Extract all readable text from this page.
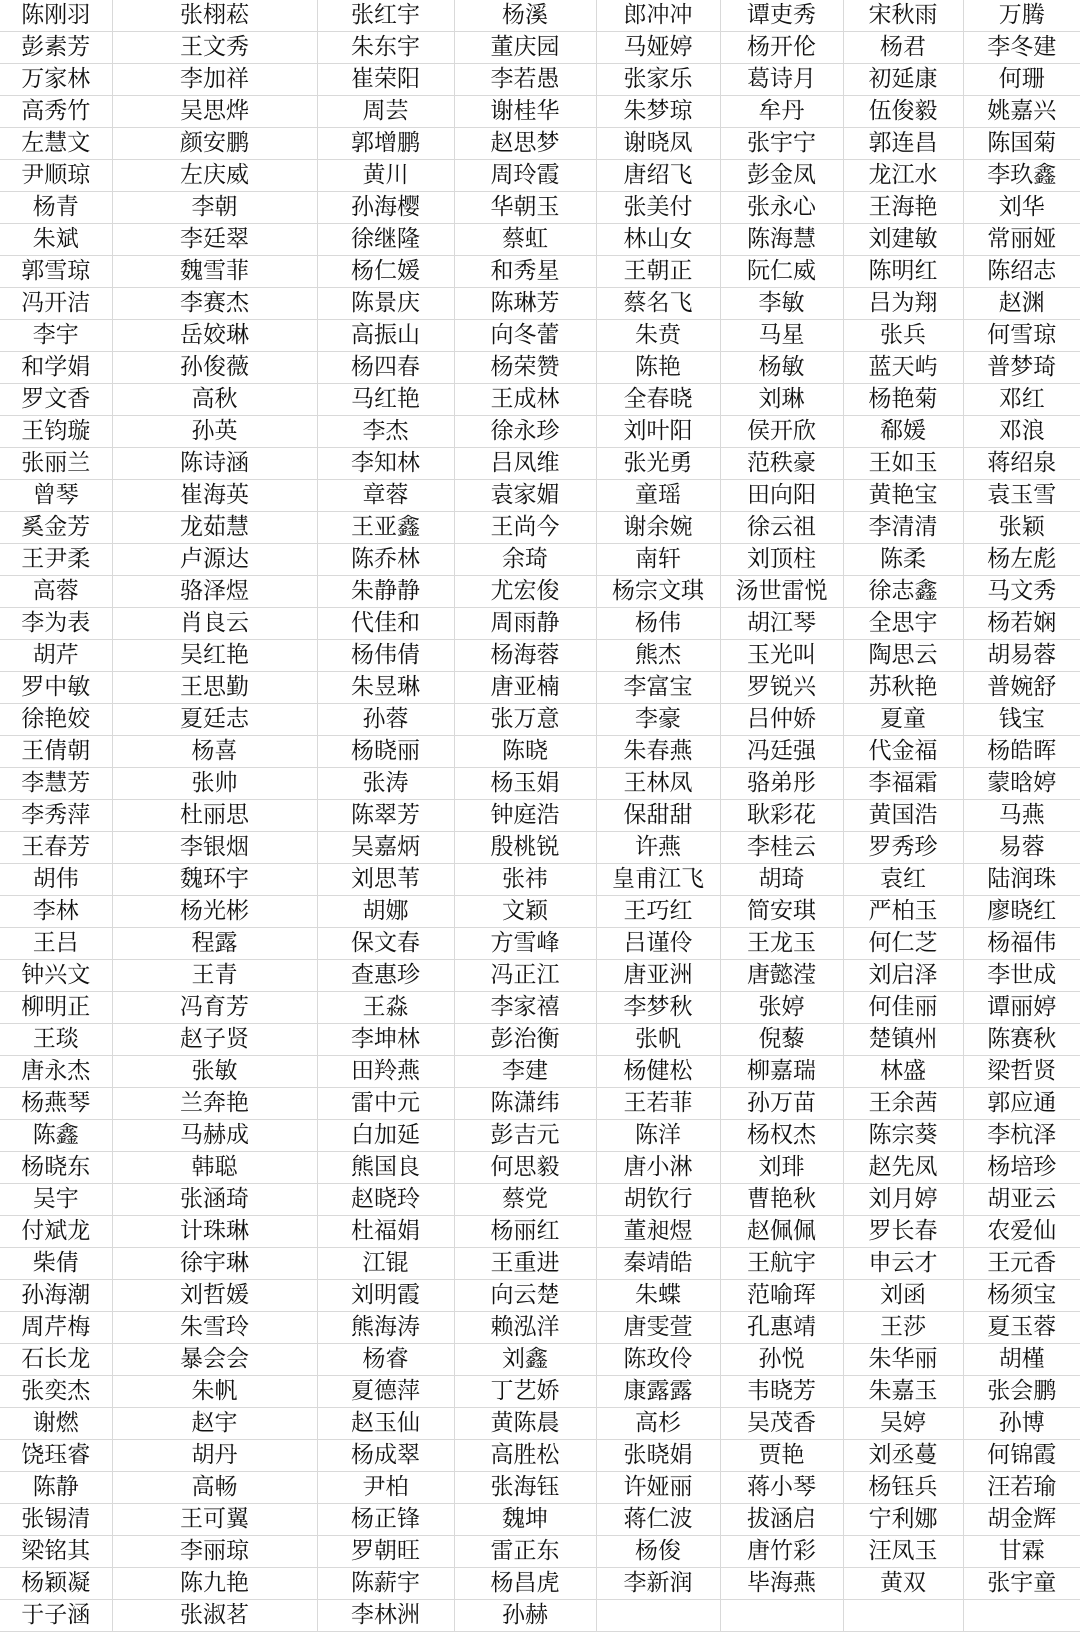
陈刚羽	张栩菘	张红宇	杨溪	郎冲冲	谭吏秀	宋秋雨	万腾
彭素芳	王文秀	朱东宇	董庆园	马娅婷	杨开伦	杨君	李冬建
万家林	李加祥	崔荣阳	李若愚	张家乐	葛诗月	初延康	何珊
高秀竹	吴思烨	周芸	谢桂华	朱梦琼	牟丹	伍俊毅	姚嘉兴
左慧文	颜安鹏	郭增鹏	赵思梦	谢晓凤	张宇宁	郭连昌	陈国菊
尹顺琼	左庆威	黄川	周玲霞	唐绍飞	彭金凤	龙江水	李玖鑫
杨青	李朝	孙海樱	华朝玉	张美付	张永心	王海艳	刘华
朱斌	李廷翠	徐继隆	蔡虹	林山女	陈海慧	刘建敏	常丽娅
郭雪琼	魏雪菲	杨仁媛	和秀星	王朝正	阮仁威	陈明红	陈绍志
冯开洁	李赛杰	陈景庆	陈琳芳	蔡名飞	李敏	吕为翔	赵渊
李宇	岳姣琳	高振山	向冬蕾	朱贲	马星	张兵	何雪琼
和学娟	孙俊薇	杨四春	杨荣赞	陈艳	杨敏	蓝天屿	普梦琦
罗文香	高秋	马红艳	王成林	全春晓	刘琳	杨艳菊	邓红
王钧璇	孙英	李杰	徐永珍	刘叶阳	侯开欣	郗媛	邓浪
张丽兰	陈诗涵	李知林	吕凤维	张光勇	范秩豪	王如玉	蒋绍泉
曾琴	崔海英	章蓉	袁家媚	童瑶	田向阳	黄艳宝	袁玉雪
奚金芳	龙茹慧	王亚鑫	王尚今	谢余婉	徐云祖	李清清	张颖
王尹柔	卢源达	陈乔林	余琦	南轩	刘顶柱	陈柔	杨左彪
高蓉	骆泽煜	朱静静	尤宏俊	杨宗文琪	汤世雷悦	徐志鑫	马文秀
李为表	肖良云	代佳和	周雨静	杨伟	胡江琴	全思宇	杨若娴
胡芹	吴红艳	杨伟倩	杨海蓉	熊杰	玉光叫	陶思云	胡易蓉
罗中敏	王思勤	朱昱琳	唐亚楠	李富宝	罗锐兴	苏秋艳	普婉舒
徐艳姣	夏廷志	孙蓉	张万意	李豪	吕仲娇	夏童	钱宝
王倩朝	杨喜	杨晓丽	陈晓	朱春燕	冯廷强	代金福	杨皓晖
李慧芳	张帅	张涛	杨玉娟	王林凤	骆弟彤	李福霜	蒙晗婷
李秀萍	杜丽思	陈翠芳	钟庭浩	保甜甜	耿彩花	黄国浩	马燕
王春芳	李银烟	吴嘉炳	殷桃锐	许燕	李桂云	罗秀珍	易蓉
胡伟	魏环宇	刘思苇	张祎	皇甫江飞	胡琦	袁红	陆润珠
李林	杨光彬	胡娜	文颖	王巧红	简安琪	严柏玉	廖晓红
王吕	程露	保文春	方雪峰	吕谨伶	王龙玉	何仁芝	杨福伟
钟兴文	王青	查惠珍	冯正江	唐亚洲	唐懿滢	刘启泽	李世成
柳明正	冯育芳	王淼	李家禧	李梦秋	张婷	何佳丽	谭丽婷
王琰	赵子贤	李坤林	彭治衡	张帆	倪藜	楚镇州	陈赛秋
唐永杰	张敏	田羚燕	李建	杨健松	柳嘉瑞	林盛	梁哲贤
杨燕琴	兰奔艳	雷中元	陈潇纬	王若菲	孙万苗	王余茜	郭应通
陈鑫	马赫成	白加延	彭吉元	陈洋	杨权杰	陈宗葵	李杭泽
杨晓东	韩聪	熊国良	何思毅	唐小淋	刘琲	赵先凤	杨培珍
吴宇	张涵琦	赵晓玲	蔡党	胡钦行	曹艳秋	刘月婷	胡亚云
付斌龙	计珠琳	杜福娟	杨丽红	董昶煜	赵佩佩	罗长春	农爱仙
柴倩	徐宇琳	江锟	王重进	秦靖皓	王航宇	申云才	王元香
孙海潮	刘哲媛	刘明霞	向云楚	朱蝶	范喻珲	刘函	杨须宝
周芹梅	朱雪玲	熊海涛	赖泓洋	唐雯萱	孔惠靖	王莎	夏玉蓉
石长龙	暴会会	杨睿	刘鑫	陈玫伶	孙悦	朱华丽	胡槿
张奕杰	朱帆	夏德萍	丁艺娇	康露露	韦晓芳	朱嘉玉	张会鹏
谢燃	赵宇	赵玉仙	黄陈晨	高杉	吴茂香	吴婷	孙博
饶珏睿	胡丹	杨成翠	高胜松	张晓娟	贾艳	刘丞蔓	何锦霞
陈静	高畅	尹柏	张海钰	许娅丽	蒋小琴	杨钰兵	汪若瑜
张锡清	王可翼	杨正锋	魏坤	蒋仁波	拔涵启	宁利娜	胡金辉
梁铭其	李丽琼	罗朝旺	雷正东	杨俊	唐竹彩	汪凤玉	甘霖
杨颖凝	陈九艳	陈薪宇	杨昌虎	李新润	毕海燕	黄双	张宇童
于子涵	张淑茗	李林洲	孙赫				
